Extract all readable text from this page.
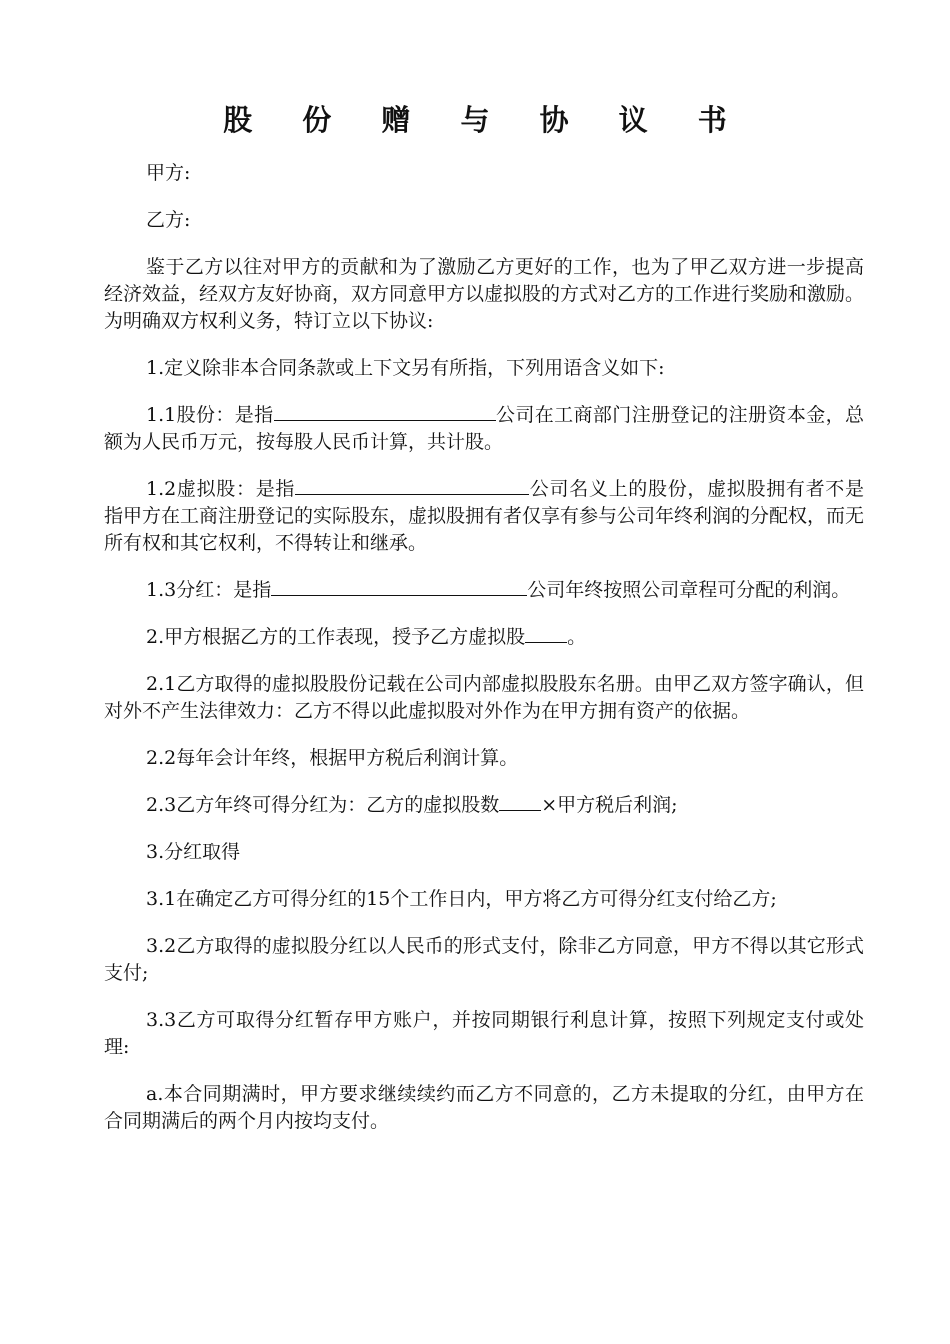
股 份 赠 与 协 议 书

甲方:

乙方:

鉴于乙方以往对甲方的贡献和为了激励乙方更好的工作，也为了甲乙双方进一步提高经济效益，经双方友好协商，双方同意甲方以虚拟股的方式对乙方的工作进行奖励和激励。为明确双方权利义务，特订立以下协议:

1.定义除非本合同条款或上下文另有所指，下列用语含义如下:

1.1股份：是指	公司在工商部门注册登记的注册资本金，总额为人民币万元，按每股人民币计算，共计股。

1.2虚拟股：是指	公司名义上的股份，虚拟股拥有者不是指甲方在工商注册登记的实际股东，虚拟股拥有者仅享有参与公司年终利润的分配权，而无所有权和其它权利，不得转让和继承。

1.3分红：是指	公司年终按照公司章程可分配的利润。

2.甲方根据乙方的工作表现，授予乙方虚拟股 。

2.1乙方取得的虚拟股股份记载在公司内部虚拟股股东名册。由甲乙双方签字确认，但对外不产生法律效力：乙方不得以此虚拟股对外作为在甲方拥有资产的依据。

2.2每年会计年终，根据甲方税后利润计算。

2.3乙方年终可得分红为：乙方的虚拟股数 ×甲方税后利润;

3.分红取得

3.1在确定乙方可得分红的15个工作日内，甲方将乙方可得分红支付给乙方;

3.2乙方取得的虚拟股分红以人民币的形式支付，除非乙方同意，甲方不得以其它形式支付;

3.3乙方可取得分红暂存甲方账户，并按同期银行利息计算，按照下列规定支付或处理:

a.本合同期满时，甲方要求继续续约而乙方不同意的，乙方未提取的分红，由甲方在合同期满后的两个月内按均支付。
